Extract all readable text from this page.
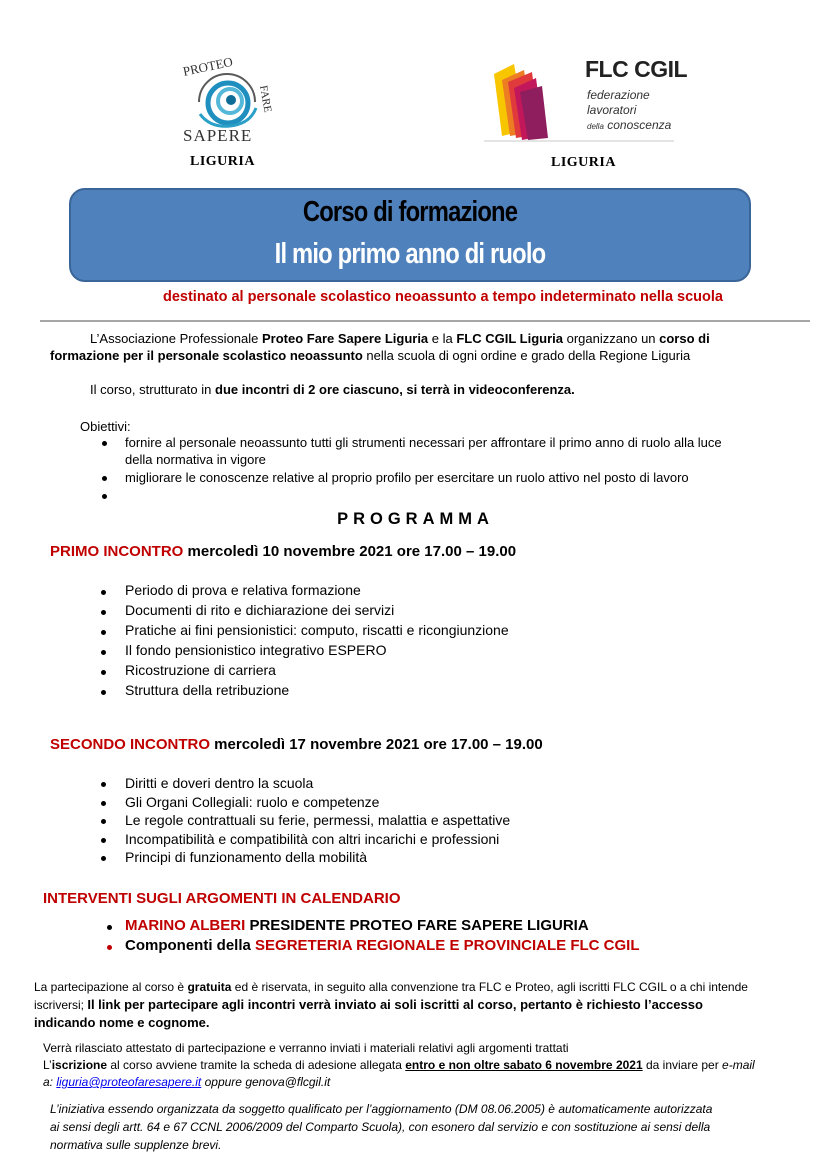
PROTEO
FARE
SAPERE
FLC CGIL
federazione
lavoratori
della conoscenza
LIGURIA	LIGURIA
Corso di formazione
Il mio primo anno di ruolo
destinato al personale scolastico neoassunto a tempo indeterminato nella scuola
L’Associazione Professionale Proteo Fare Sapere Liguria e la FLC CGIL Liguria organizzano un corso di
formazione per il personale scolastico neoassunto nella scuola di ogni ordine e grado della Regione Liguria
Il corso, strutturato in due incontri di 2 ore ciascuno, si terrà in videoconferenza.
Obiettivi:
fornire al personale neoassunto tutti gli strumenti necessari per affrontare il primo anno di ruolo alla luce
della normativa in vigore
migliorare le conoscenze relative al proprio profilo per esercitare un ruolo attivo nel posto di lavoro
PROGRAMMA
PRIMO INCONTRO mercoledì 10 novembre 2021 ore 17.00 – 19.00
Periodo di prova e relativa formazione
Documenti di rito e dichiarazione dei servizi
Pratiche ai fini pensionistici: computo, riscatti e ricongiunzione
Il fondo pensionistico integrativo ESPERO
Ricostruzione di carriera
Struttura della retribuzione
SECONDO INCONTRO mercoledì 17 novembre 2021 ore 17.00 – 19.00
Diritti e doveri dentro la scuola
Gli Organi Collegiali: ruolo e competenze
Le regole contrattuali su ferie, permessi, malattia e aspettative
Incompatibilità e compatibilità con altri incarichi e professioni
Principi di funzionamento della mobilità
INTERVENTI SUGLI ARGOMENTI IN CALENDARIO
MARINO ALBERI PRESIDENTE PROTEO FARE SAPERE LIGURIA
Componenti della SEGRETERIA REGIONALE E PROVINCIALE FLC CGIL
La partecipazione al corso è gratuita ed è riservata, in seguito alla convenzione tra FLC e Proteo, agli iscritti FLC CGIL o a chi intende
iscriversi; Il link per partecipare agli incontri verrà inviato ai soli iscritti al corso, pertanto è richiesto l’accesso
indicando nome e cognome.
Verrà rilasciato attestato di partecipazione e verranno inviati i materiali relativi agli argomenti trattati
L’iscrizione al corso avviene tramite la scheda di adesione allegata entro e non oltre sabato 6 novembre 2021 da inviare per e-mail
a: liguria@proteofaresapere.it oppure genova@flcgil.it
L’iniziativa essendo organizzata da soggetto qualificato per l’aggiornamento (DM 08.06.2005) è automaticamente autorizzata
ai sensi degli artt. 64 e 67 CCNL 2006/2009 del Comparto Scuola), con esonero dal servizio e con sostituzione ai sensi della
normativa sulle supplenze brevi.
